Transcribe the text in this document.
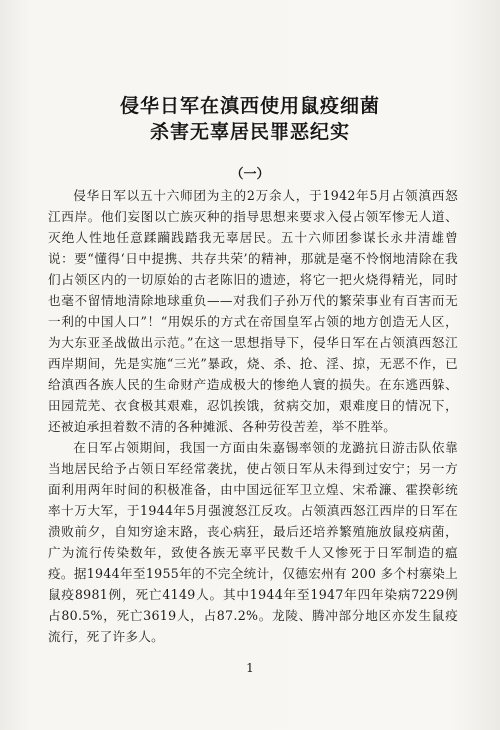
侵华日军在滇西使用鼠疫细菌
杀害无辜居民罪恶纪实
（一）

侵华日军以五十六师团为主的2万余人，于1942年5月占领滇西怒江西岸。他们妄图以亡族灭种的指导思想来要求入侵占领军惨无人道、灭绝人性地任意蹂躏践踏我无辜居民。五十六师团参谋长永井清雄曾说：要“懂得‘日中提携、共存共荣’的精神，那就是毫不怜悯地清除在我们占领区内的一切原始的古老陈旧的遗迹，将它一把火烧得精光，同时也毫不留情地清除地球重负——对我们子孙万代的繁荣事业有百害而无一利的中国人口”！“用娱乐的方式在帝国皇军占领的地方创造无人区，为大东亚圣战做出示范。”在这一思想指导下，侵华日军在占领滇西怒江西岸期间，先是实施“三光”暴政，烧、杀、抢、淫、掠，无恶不作，已给滇西各族人民的生命财产造成极大的惨绝人寰的损失。在东逃西躲、田园荒芜、衣食极其艰难，忍饥挨饿，贫病交加，艰难度日的情况下，还被迫承担着数不清的各种摊派、各种劳役苦差，举不胜举。

在日军占领期间，我国一方面由朱嘉锡率领的龙潞抗日游击队依靠当地居民给予占领日军经常袭扰，使占领日军从未得到过安宁；另一方面利用两年时间的积极准备，由中国远征军卫立煌、宋希濂、霍揆彰统率十万大军，于1944年5月强渡怒江反攻。占领滇西怒江西岸的日军在溃败前夕，自知穷途末路，丧心病狂，最后还培养繁殖施放鼠疫病菌，广为流行传染数年，致使各族无辜平民数千人又惨死于日军制造的瘟疫。据1944年至1955年的不完全统计，仅德宏州有 200 多个村寨染上鼠疫8981例，死亡4149人。其中1944年至1947年四年染病7229例占80.5%，死亡3619人，占87.2%。龙陵、腾冲部分地区亦发生鼠疫流行，死了许多人。

1
